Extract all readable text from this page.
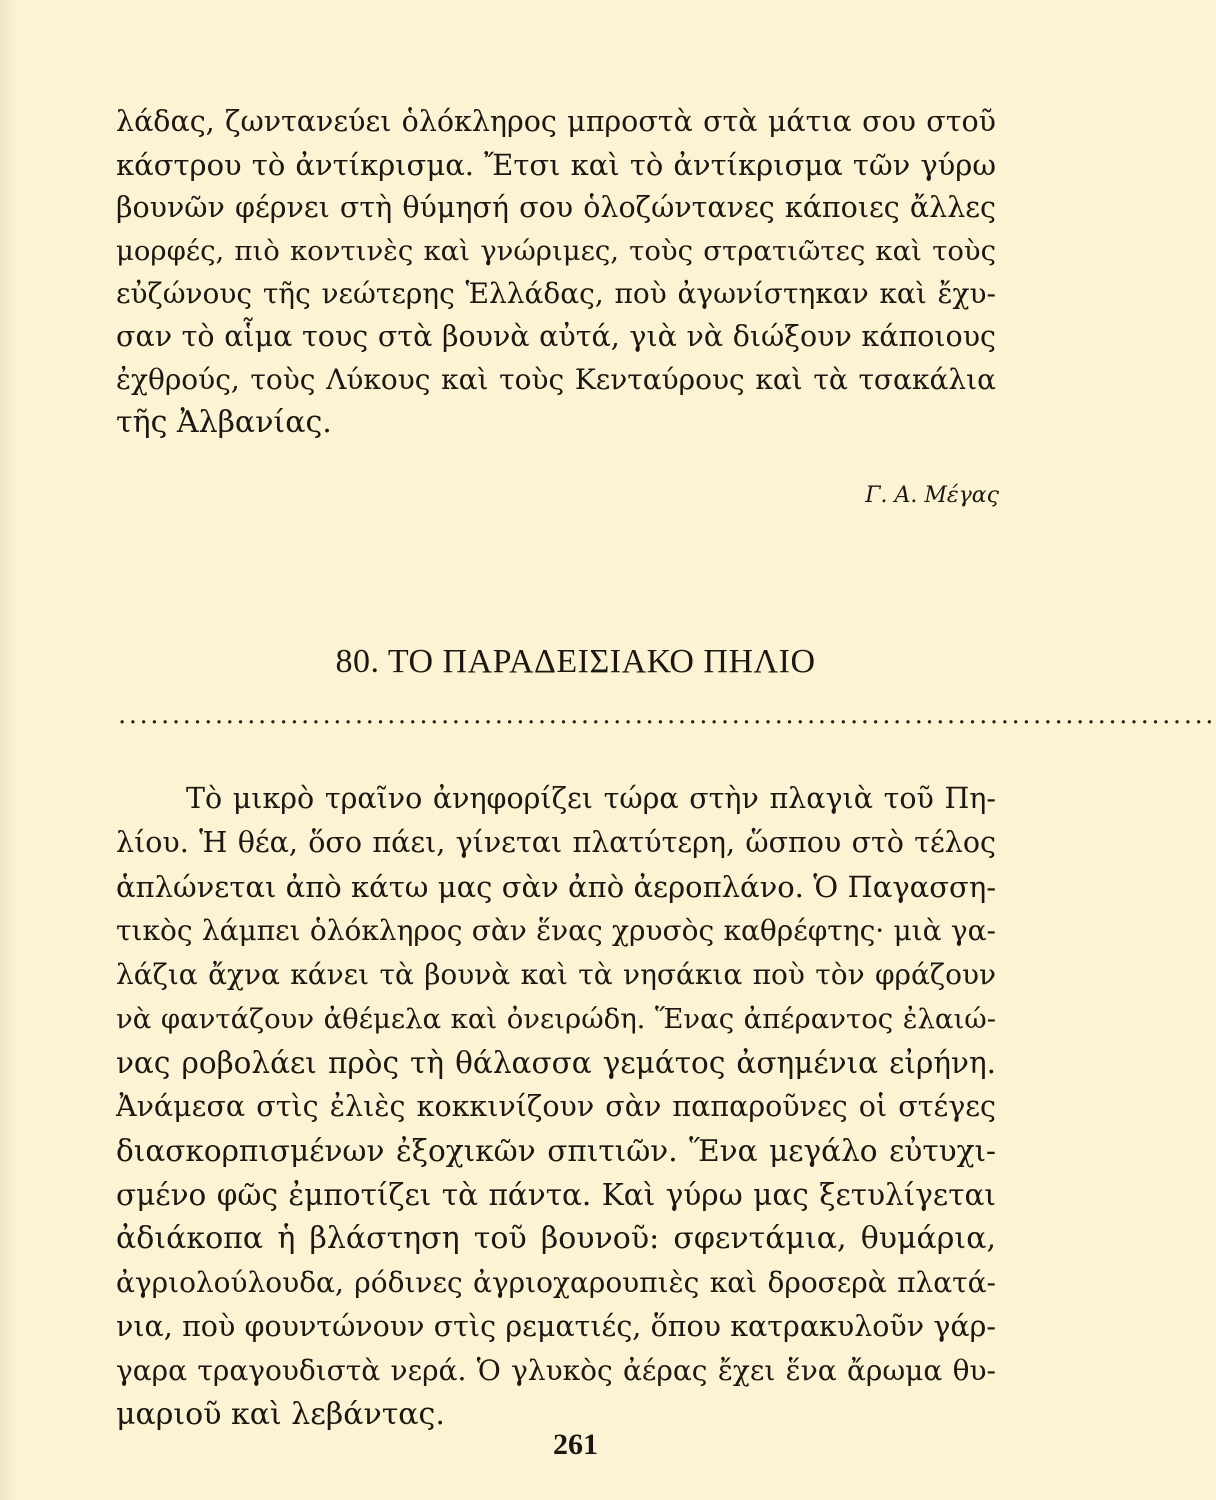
λάδας, ζωντανεύει ὁλόκληρος μπροστὰ στὰ μάτια σου στοῦ
κάστρου τὸ ἀντίκρισμα. Ἔτσι καὶ τὸ ἀντίκρισμα τῶν γύρω
βουνῶν φέρνει στὴ θύμησή σου ὁλοζώντανες κάποιες ἄλλες
μορφές, πιὸ κοντινὲς καὶ γνώριμες, τοὺς στρατιῶτες καὶ τοὺς
εὐζώνους τῆς νεώτερης Ἑλλάδας, ποὺ ἀγωνίστηκαν καὶ ἔχυ-
σαν τὸ αἷμα τους στὰ βουνὰ αὐτά, γιὰ νὰ διώξουν κάποιους
ἐχθρούς, τοὺς Λύκους καὶ τοὺς Κενταύρους καὶ τὰ τσακάλια
τῆς Ἀλβανίας.
Γ. Α. Μέγας
80. ΤΟ ΠΑΡΑΔΕΙΣΙΑΚΟ ΠΗΛΙΟ
......................................................................................................
Τὸ μικρὸ τραῖνο ἀνηφορίζει τώρα στὴν πλαγιὰ τοῦ Πη-
λίου. Ἡ θέα, ὅσο πάει, γίνεται πλατύτερη, ὥσπου στὸ τέλος
ἁπλώνεται ἀπὸ κάτω μας σὰν ἀπὸ ἀεροπλάνο. Ὁ Παγασση-
τικὸς λάμπει ὁλόκληρος σὰν ἕνας χρυσὸς καθρέφτης· μιὰ γα-
λάζια ἄχνα κάνει τὰ βουνὰ καὶ τὰ νησάκια ποὺ τὸν φράζουν
νὰ φαντάζουν ἀθέμελα καὶ ὀνειρώδη. Ἕνας ἀπέραντος ἐλαιώ-
νας ροβολάει πρὸς τὴ θάλασσα γεμάτος ἀσημένια εἰρήνη.
Ἀνάμεσα στὶς ἐλιὲς κοκκινίζουν σὰν παπαροῦνες οἱ στέγες
διασκορπισμένων ἐξοχικῶν σπιτιῶν. Ἕνα μεγάλο εὐτυχι-
σμένο φῶς ἐμποτίζει τὰ πάντα. Καὶ γύρω μας ξετυλίγεται
ἀδιάκοπα ἡ βλάστηση τοῦ βουνοῦ: σφεντάμια, θυμάρια,
ἀγριολούλουδα, ρόδινες ἀγριοχαρουπιὲς καὶ δροσερὰ πλατά-
νια, ποὺ φουντώνουν στὶς ρεματιές, ὅπου κατρακυλοῦν γάρ-
γαρα τραγουδιστὰ νερά. Ὁ γλυκὸς ἀέρας ἔχει ἕνα ἄρωμα θυ-
μαριοῦ καὶ λεβάντας.
261
